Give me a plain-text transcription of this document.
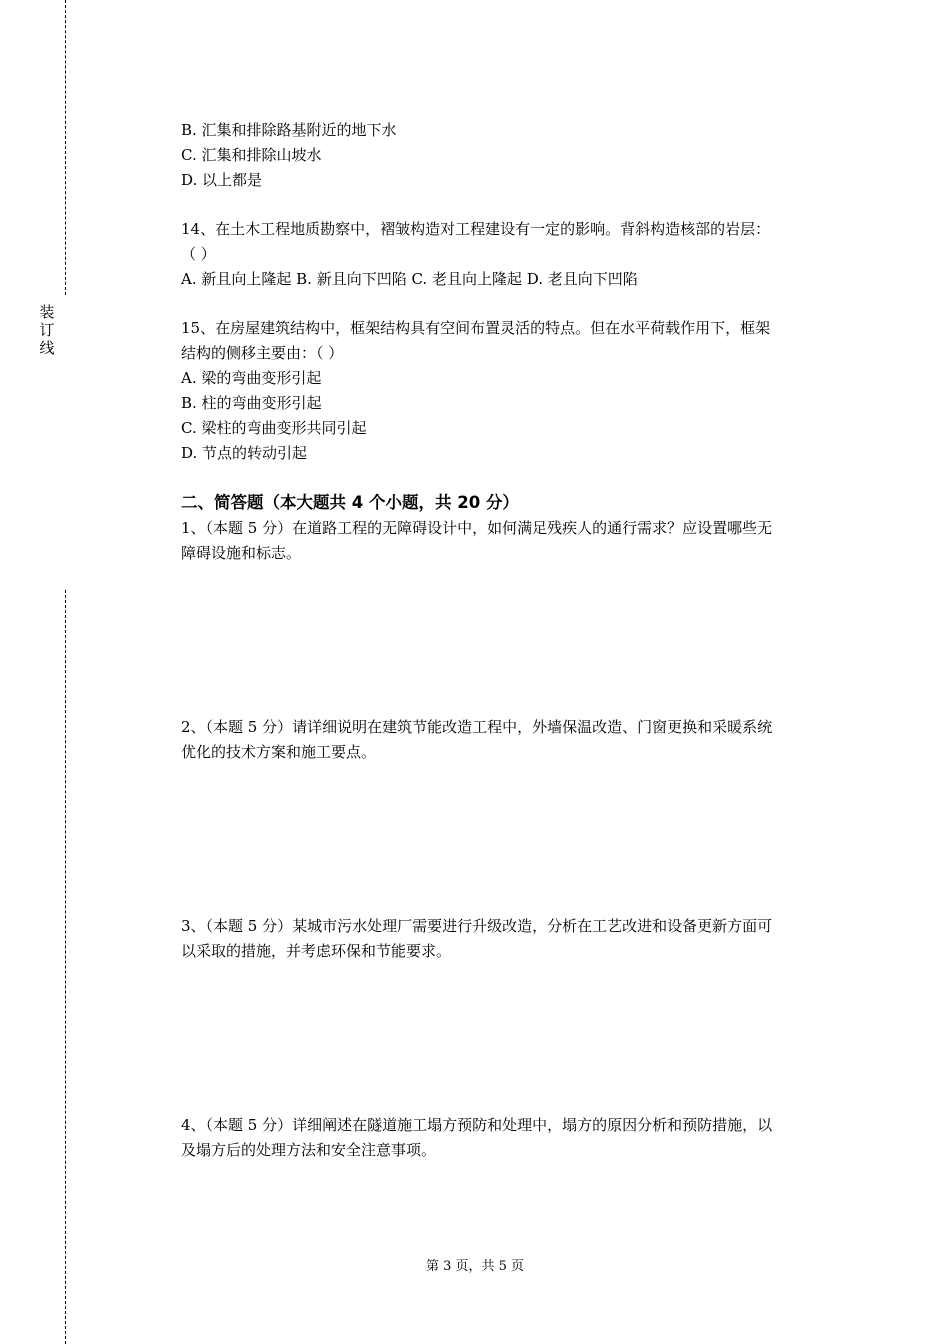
装
订
线
B. 汇集和排除路基附近的地下水
C. 汇集和排除山坡水
D. 以上都是
14、在土木工程地质勘察中，褶皱构造对工程建设有一定的影响。背斜构造核部的岩层：
（ ）
A. 新且向上隆起 B. 新且向下凹陷 C. 老且向上隆起 D. 老且向下凹陷
15、在房屋建筑结构中，框架结构具有空间布置灵活的特点。但在水平荷载作用下，框架
结构的侧移主要由：（ ）
A. 梁的弯曲变形引起
B. 柱的弯曲变形引起
C. 梁柱的弯曲变形共同引起
D. 节点的转动引起
二、简答题（本大题共 4 个小题，共 20 分）
1、（本题 5 分）在道路工程的无障碍设计中，如何满足残疾人的通行需求？应设置哪些无
障碍设施和标志。
2、（本题 5 分）请详细说明在建筑节能改造工程中，外墙保温改造、门窗更换和采暖系统
优化的技术方案和施工要点。
3、（本题 5 分）某城市污水处理厂需要进行升级改造，分析在工艺改进和设备更新方面可
以采取的措施，并考虑环保和节能要求。
4、（本题 5 分）详细阐述在隧道施工塌方预防和处理中，塌方的原因分析和预防措施，以
及塌方后的处理方法和安全注意事项。
第 3 页，共 5 页
